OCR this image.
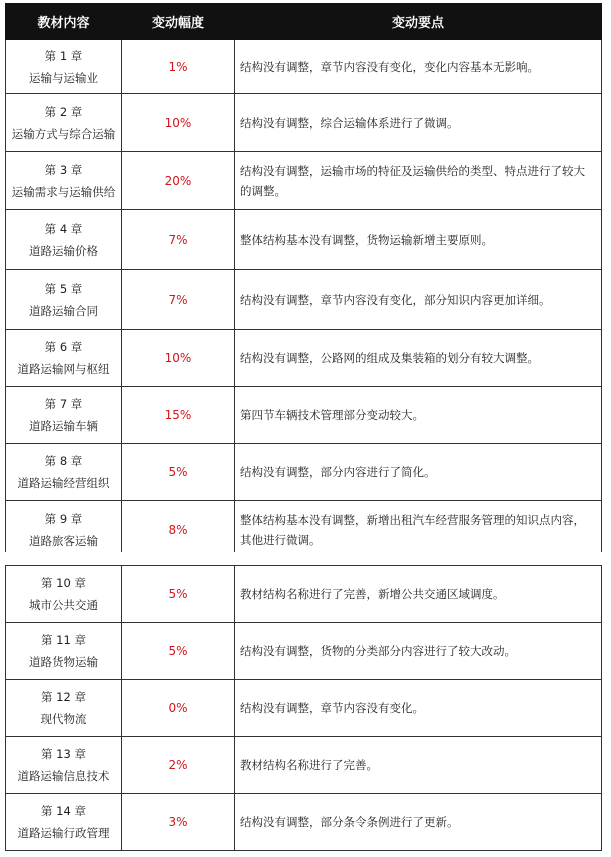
教材内容	变动幅度	变动要点

第 1 章
运输与运输业	1%	结构没有调整，章节内容没有变化，变化内容基本无影响。

第 2 章
运输方式与综合运输	10%	结构没有调整，综合运输体系进行了微调。

第 3 章
运输需求与运输供给	20%	结构没有调整，运输市场的特征及运输供给的类型、特点进行了较大的调整。

第 4 章
道路运输价格	7%	整体结构基本没有调整，货物运输新增主要原则。

第 5 章
道路运输合同	7%	结构没有调整，章节内容没有变化，部分知识内容更加详细。

第 6 章
道路运输网与枢纽	10%	结构没有调整，公路网的组成及集装箱的划分有较大调整。

第 7 章
道路运输车辆	15%	第四节车辆技术管理部分变动较大。

第 8 章
道路运输经营组织	5%	结构没有调整，部分内容进行了简化。

第 9 章
道路旅客运输	8%	整体结构基本没有调整，新增出租汽车经营服务管理的知识点内容，其他进行微调。
第 10 章
城市公共交通	5%	教材结构名称进行了完善，新增公共交通区域调度。

第 11 章
道路货物运输	5%	结构没有调整，货物的分类部分内容进行了较大改动。

第 12 章
现代物流	0%	结构没有调整，章节内容没有变化。

第 13 章
道路运输信息技术	2%	教材结构名称进行了完善。

第 14 章
道路运输行政管理	3%	结构没有调整，部分条令条例进行了更新。
